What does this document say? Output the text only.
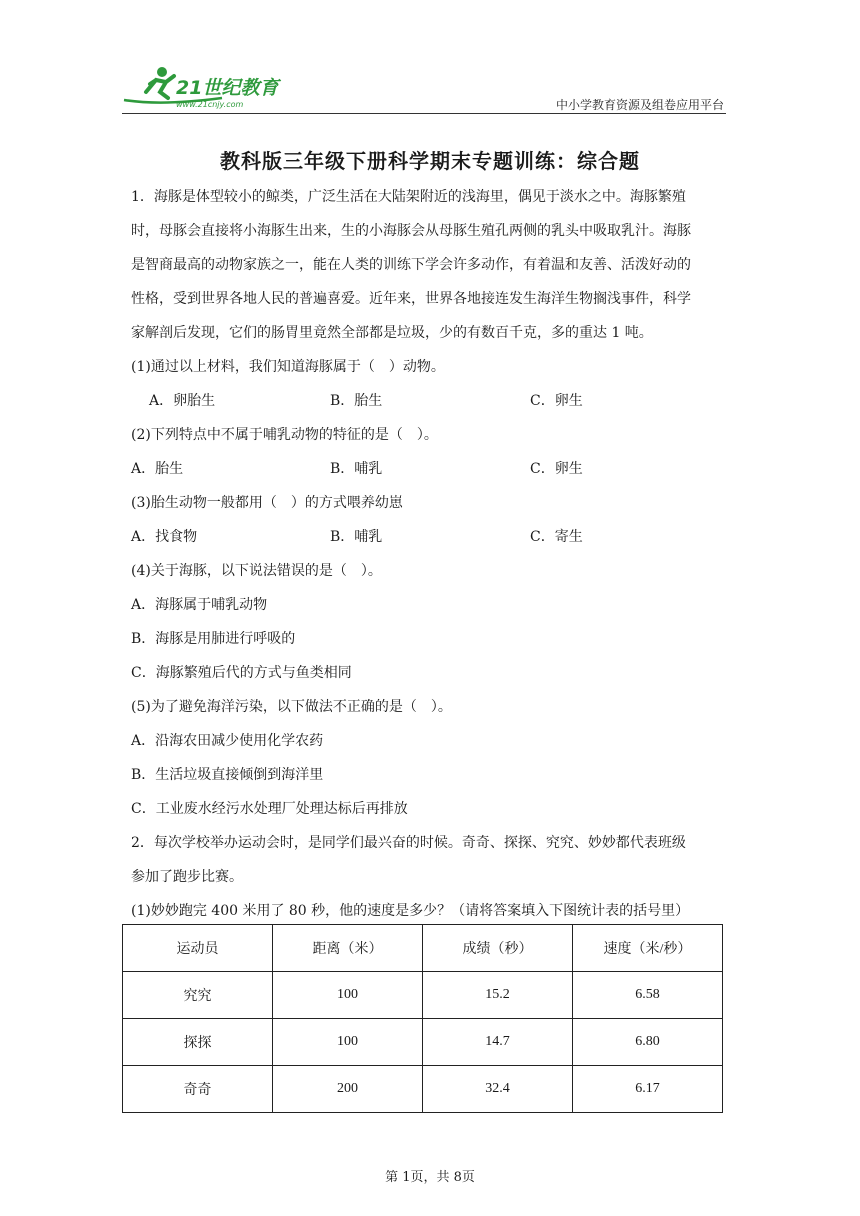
21世纪教育
www.21cnjy.com	中小学教育资源及组卷应用平台
教科版三年级下册科学期末专题训练：综合题

1．海豚是体型较小的鲸类，广泛生活在大陆架附近的浅海里，偶见于淡水之中。海豚繁殖

时，母豚会直接将小海豚生出来，生的小海豚会从母豚生殖孔两侧的乳头中吸取乳汁。海豚

是智商最高的动物家族之一，能在人类的训练下学会许多动作，有着温和友善、活泼好动的

性格，受到世界各地人民的普遍喜爱。近年来，世界各地接连发生海洋生物搁浅事件，科学

家解剖后发现，它们的肠胃里竟然全部都是垃圾，少的有数百千克，多的重达 1 吨。

(1)通过以上材料，我们知道海豚属于（　）动物。

A．卵胎生	B．胎生	C．卵生

(2)下列特点中不属于哺乳动物的特征的是（　）。

A．胎生	B．哺乳	C．卵生

(3)胎生动物一般都用（　）的方式喂养幼崽

A．找食物	B．哺乳	C．寄生

(4)关于海豚，以下说法错误的是（　）。

A．海豚属于哺乳动物

B．海豚是用肺进行呼吸的

C．海豚繁殖后代的方式与鱼类相同

(5)为了避免海洋污染，以下做法不正确的是（　）。

A．沿海农田减少使用化学农药

B．生活垃圾直接倾倒到海洋里

C．工业废水经污水处理厂处理达标后再排放

2．每次学校举办运动会时，是同学们最兴奋的时候。奇奇、探探、究究、妙妙都代表班级

参加了跑步比赛。

(1)妙妙跑完 400 米用了 80 秒，他的速度是多少？（请将答案填入下图统计表的括号里）

运动员	距离（米）	成绩（秒）	速度（米/秒）
究究	100	15.2	6.58
探探	100	14.7	6.80
奇奇	200	32.4	6.17
第 1页，共 8页
